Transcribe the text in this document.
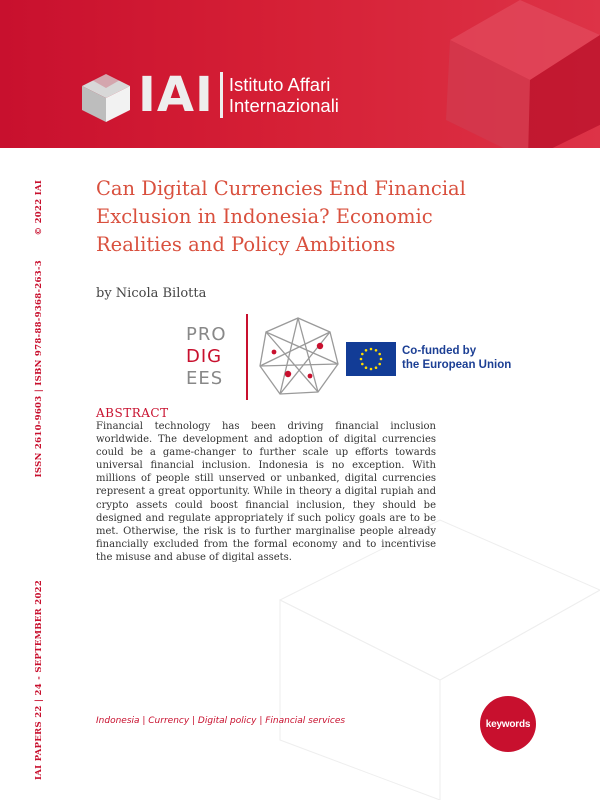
IAI Istituto Affari
Internazionali
IAI PAPERS 22 | 24 - SEPTEMBER 2022  ISSN 2610-9603 | ISBN 978-88-9368-263-3  © 2022 IAI	Can Digital Currencies End Financial Exclusion in Indonesia? Economic Realities and Policy Ambitions
by Nicola Bilotta
PRO
DIG
EES
Co-funded by
the European Union
ABSTRACT
Financial technology has been driving financial inclusion worldwide. The development and adoption of digital currencies could be a game-changer to further scale up efforts towards universal financial inclusion. Indonesia is no exception. With millions of people still unserved or unbanked, digital currencies represent a great opportunity. While in theory a digital rupiah and crypto assets could boost financial inclusion, they should be designed and regulate appropriately if such policy goals are to be met. Otherwise, the risk is to further marginalise people already financially excluded from the formal economy and to incentivise the misuse and abuse of digital assets.
Indonesia | Currency | Digital policy | Financial services	keywords
